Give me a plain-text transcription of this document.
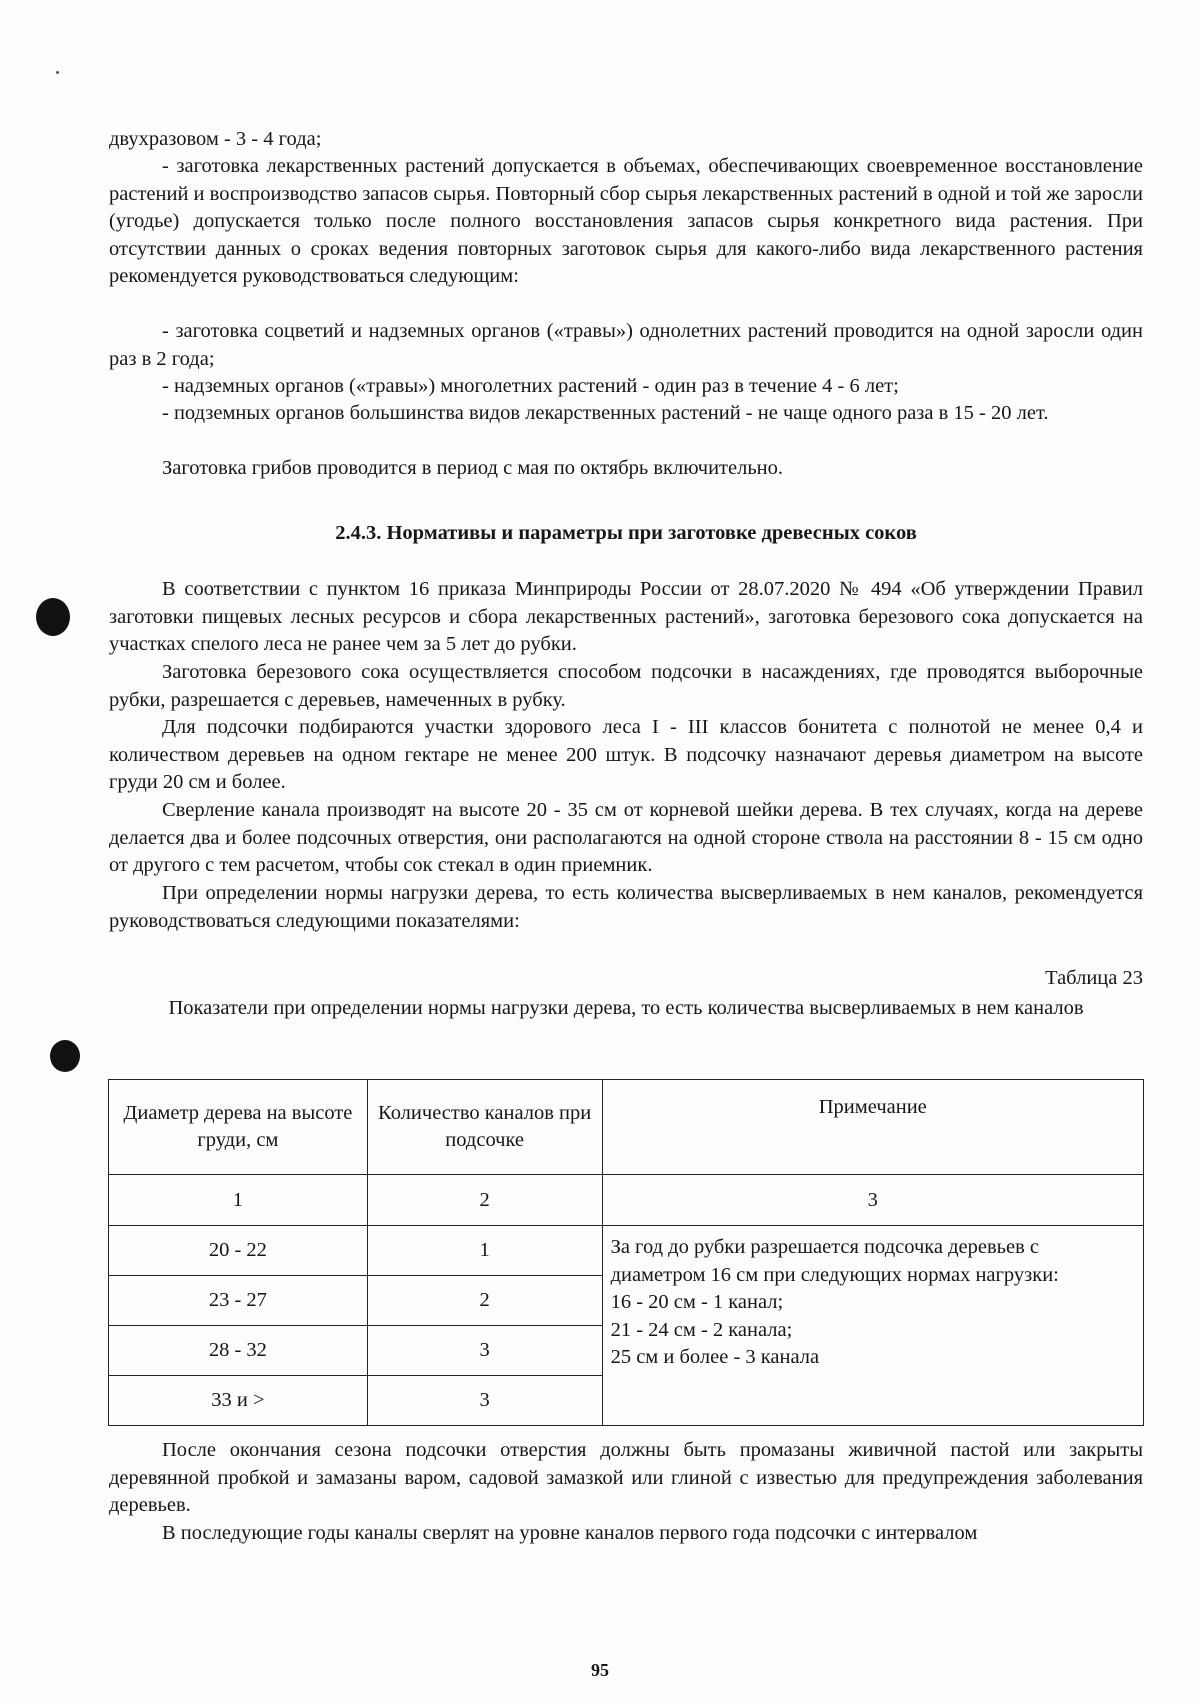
двухразовом - 3 - 4 года;
- заготовка лекарственных растений допускается в объемах, обеспечивающих своевременное восстановление растений и воспроизводство запасов сырья. Повторный сбор сырья лекарственных растений в одной и той же заросли (угодье) допускается только после полного восстановления запасов сырья конкретного вида растения. При отсутствии данных о сроках ведения повторных заготовок сырья для какого-либо вида лекарственного растения рекомендуется руководствоваться следующим:
- заготовка соцветий и надземных органов («травы») однолетних растений проводится на одной заросли один раз в 2 года;
- надземных органов («травы») многолетних растений - один раз в течение 4 - 6 лет;
- подземных органов большинства видов лекарственных растений - не чаще одного раза в 15 - 20 лет.
Заготовка грибов проводится в период с мая по октябрь включительно.
2.4.3. Нормативы и параметры при заготовке древесных соков
В соответствии с пунктом 16 приказа Минприроды России от 28.07.2020 № 494 «Об утверждении Правил заготовки пищевых лесных ресурсов и сбора лекарственных растений», заготовка березового сока допускается на участках спелого леса не ранее чем за 5 лет до рубки.
Заготовка березового сока осуществляется способом подсочки в насаждениях, где проводятся выборочные рубки, разрешается с деревьев, намеченных в рубку.
Для подсочки подбираются участки здорового леса I - III классов бонитета с полнотой не менее 0,4 и количеством деревьев на одном гектаре не менее 200 штук. В подсочку назначают деревья диаметром на высоте груди 20 см и более.
Сверление канала производят на высоте 20 - 35 см от корневой шейки дерева. В тех случаях, когда на дереве делается два и более подсочных отверстия, они располагаются на одной стороне ствола на расстоянии 8 - 15 см одно от другого с тем расчетом, чтобы сок стекал в один приемник.
При определении нормы нагрузки дерева, то есть количества высверливаемых в нем каналов, рекомендуется руководствоваться следующими показателями:
Таблица 23
Показатели при определении нормы нагрузки дерева, то есть количества высверливаемых в нем каналов
Диаметр дерева на высоте груди, см	Количество каналов при подсочке	Примечание
1	2	3
20 - 22	1	За год до рубки разрешается подсочка деревьев с диаметром 16 см при следующих нормах нагрузки:
16 - 20 см - 1 канал;
21 - 24 см - 2 канала;
25 см и более - 3 канала

23 - 27	2	
28 - 32	3	
33 и >	3	
После окончания сезона подсочки отверстия должны быть промазаны живичной пастой или закрыты деревянной пробкой и замазаны варом, садовой замазкой или глиной с известью для предупреждения заболевания деревьев.
В последующие годы каналы сверлят на уровне каналов первого года подсочки с интервалом
95
